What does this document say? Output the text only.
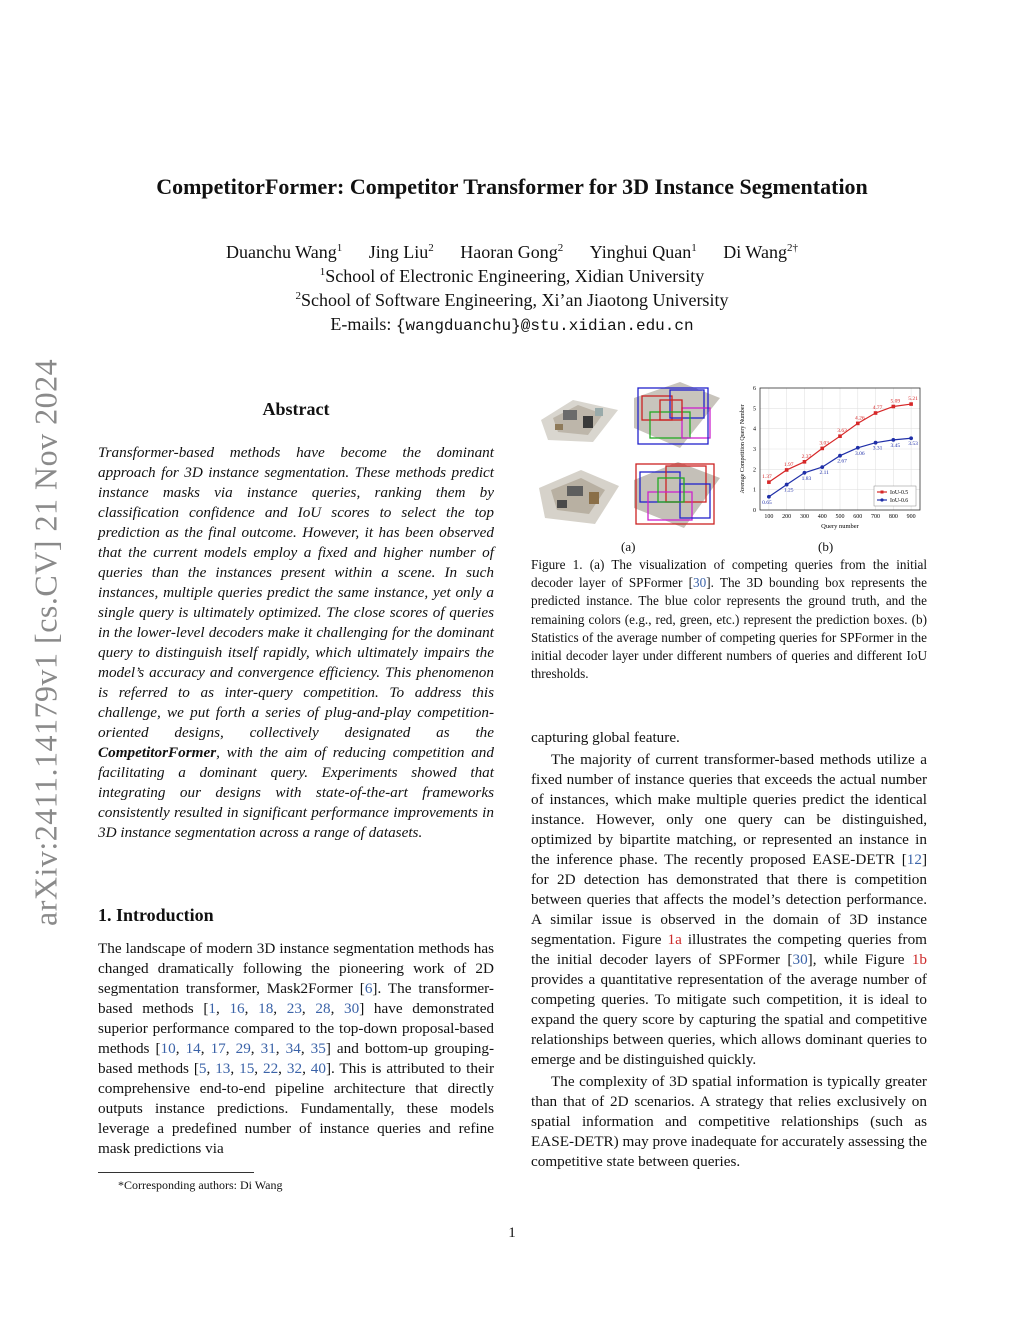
arXiv:2411.14179v1 [cs.CV] 21 Nov 2024
CompetitorFormer: Competitor Transformer for 3D Instance Segmentation
Duanchu Wang$^1$ Jing Liu$^2$ Haoran Gong$^2$ Yinghui Quan$^1$ Di Wang$^{2\dagger}$
$^1$School of Electronic Engineering, Xidian University
$^2$School of Software Engineering, Xi’an Jiaotong University
E-mails: {wangduanchu}@stu.xidian.edu.cn
Abstract
Transformer-based methods have become the dominant approach for 3D instance segmentation. These methods predict instance masks via instance queries, ranking them by classification confidence and IoU scores to select the top prediction as the final outcome. However, it has been observed that the current models employ a fixed and higher number of queries than the instances present within a scene. In such instances, multiple queries predict the same instance, yet only a single query is ultimately optimized. The close scores of queries in the lower-level decoders make it challenging for the dominant query to distinguish itself rapidly, which ultimately impairs the model’s accuracy and convergence efficiency. This phenomenon is referred to as inter-query competition. To address this challenge, we put forth a series of plug-and-play competition-oriented designs, collectively designated as the CompetitorFormer, with the aim of reducing competition and facilitating a dominant query. Experiments showed that integrating our designs with state-of-the-art frameworks consistently resulted in significant performance improvements in 3D instance segmentation across a range of datasets.
1. Introduction
The landscape of modern 3D instance segmentation methods has changed dramatically following the pioneering work of 2D segmentation transformer, Mask2Former [6]. The transformer-based methods [1, 16, 18, 23, 28, 30] have demonstrated superior performance compared to the top-down proposal-based methods [10, 14, 17, 29, 31, 34, 35] and bottom-up grouping-based methods [5, 13, 15, 22, 32, 40]. This is attributed to their comprehensive end-to-end pipeline architecture that directly outputs instance predictions. Fundamentally, these models leverage a predefined number of instance queries and refine mask predictions via
*Corresponding authors: Di Wang
0
1
2
3
4
5
6
100 200 300 400 500 600 700 800 900
1.37
1.97
2.37
3.03
3.63
4.26
4.77
5.09 5.21
0.65
1.25
1.83
2.11
2.67
3.06
3.31 3.45 3.53
Average Competition Query Number
Query number
IoU-0.5
IoU-0.6
(a)	(b)
Figure 1. (a) The visualization of competing queries from the initial decoder layer of SPFormer [30]. The 3D bounding box represents the predicted instance. The blue color represents the ground truth, and the remaining colors (e.g., red, green, etc.) represent the prediction boxes. (b) Statistics of the average number of competing queries for SPFormer in the initial decoder layer under different numbers of queries and different IoU thresholds.

capturing global feature.

The majority of current transformer-based methods utilize a fixed number of instance queries that exceeds the actual number of instances, which make multiple queries predict the identical instance. However, only one query can be distinguished, optimized by bipartite matching, or represented an instance in the inference phase. The recently proposed EASE-DETR [12] for 2D detection has demonstrated that there is competition between queries that affects the model’s detection performance. A similar issue is observed in the domain of 3D instance segmentation. Figure 1a illustrates the competing queries from the initial decoder layers of SPFormer [30], while Figure 1b provides a quantitative representation of the average number of competing queries. To mitigate such competition, it is ideal to expand the query score by capturing the spatial and competitive relationships between queries, which allows dominant queries to emerge and be distinguished quickly.

The complexity of 3D spatial information is typically greater than that of 2D scenarios. A strategy that relies exclusively on spatial information and competitive relationships (such as EASE-DETR) may prove inadequate for accurately assessing the competitive state between queries.

1
